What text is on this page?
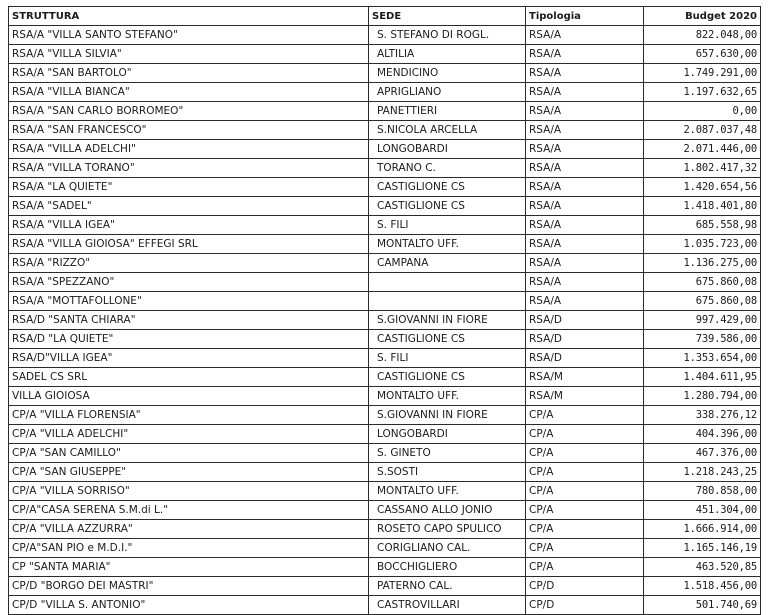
STRUTTURA	SEDE	Tipologia	Budget 2020
RSA/A "VILLA SANTO STEFANO"	S. STEFANO DI ROGL.	RSA/A	822.048,00
RSA/A "VILLA SILVIA"	ALTILIA	RSA/A	657.630,00
RSA/A "SAN BARTOLO"	MENDICINO	RSA/A	1.749.291,00
RSA/A "VILLA BIANCA"	APRIGLIANO	RSA/A	1.197.632,65
RSA/A "SAN CARLO BORROMEO"	PANETTIERI	RSA/A	0,00
RSA/A "SAN FRANCESCO"	S.NICOLA ARCELLA	RSA/A	2.087.037,48
RSA/A "VILLA ADELCHI"	LONGOBARDI	RSA/A	2.071.446,00
RSA/A "VILLA TORANO"	TORANO C.	RSA/A	1.802.417,32
RSA/A "LA QUIETE"	CASTIGLIONE CS	RSA/A	1.420.654,56
RSA/A "SADEL"	CASTIGLIONE CS	RSA/A	1.418.401,80
RSA/A "VILLA IGEA"	S. FILI	RSA/A	685.558,98
RSA/A "VILLA GIOIOSA" EFFEGI SRL	MONTALTO UFF.	RSA/A	1.035.723,00
RSA/A "RIZZO"	CAMPANA	RSA/A	1.136.275,00
RSA/A "SPEZZANO"		RSA/A	675.860,08
RSA/A "MOTTAFOLLONE"		RSA/A	675.860,08
RSA/D "SANTA CHIARA"	S.GIOVANNI IN FIORE	RSA/D	997.429,00
RSA/D "LA QUIETE"	CASTIGLIONE CS	RSA/D	739.586,00
RSA/D"VILLA IGEA"	S. FILI	RSA/D	1.353.654,00
SADEL CS SRL	CASTIGLIONE CS	RSA/M	1.404.611,95
VILLA GIOIOSA	MONTALTO UFF.	RSA/M	1.280.794,00
CP/A "VILLA FLORENSIA"	S.GIOVANNI IN FIORE	CP/A	338.276,12
CP/A "VILLA ADELCHI"	LONGOBARDI	CP/A	404.396,00
CP/A "SAN CAMILLO"	S. GINETO	CP/A	467.376,00
CP/A "SAN GIUSEPPE"	S.SOSTI	CP/A	1.218.243,25
CP/A "VILLA SORRISO"	MONTALTO UFF.	CP/A	780.858,00
CP/A"CASA SERENA S.M.di L."	CASSANO ALLO JONIO	CP/A	451.304,00
CP/A "VILLA AZZURRA"	ROSETO CAPO SPULICO	CP/A	1.666.914,00
CP/A"SAN PIO e M.D.I."	CORIGLIANO CAL.	CP/A	1.165.146,19
CP "SANTA MARIA"	BOCCHIGLIERO	CP/A	463.520,85
CP/D "BORGO DEI MASTRI"	PATERNO CAL.	CP/D	1.518.456,00
CP/D "VILLA S. ANTONIO"	CASTROVILLARI	CP/D	501.740,69
